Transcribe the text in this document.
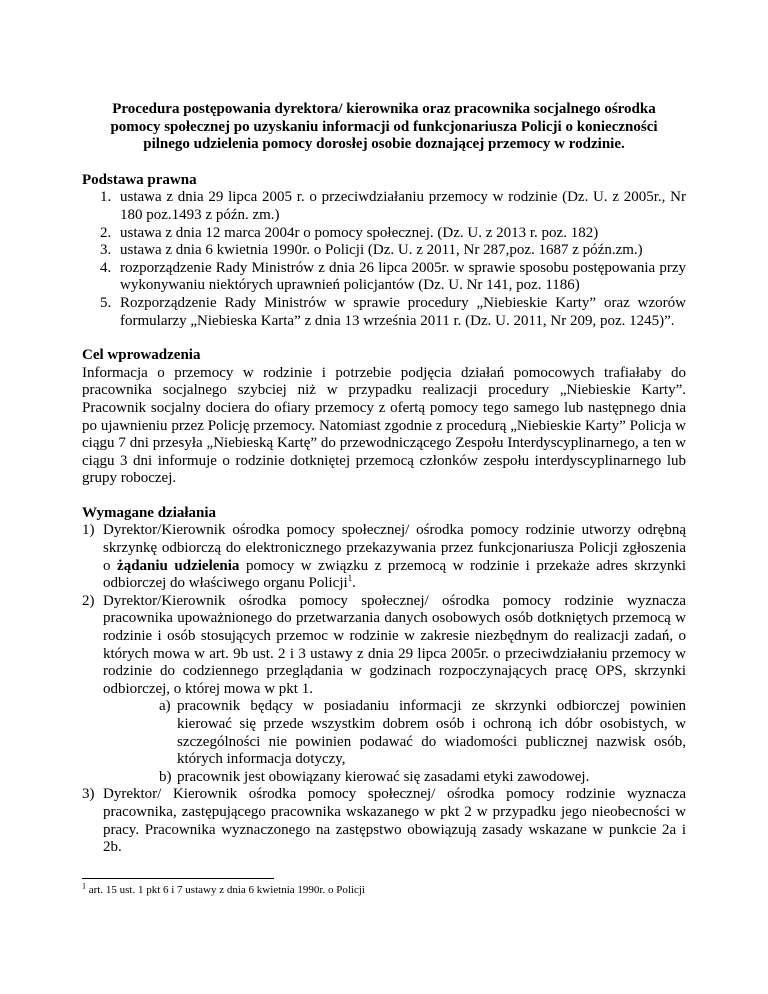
Procedura postępowania dyrektora/ kierownika oraz pracownika socjalnego ośrodka
pomocy społecznej po uzyskaniu informacji od funkcjonariusza Policji o konieczności
pilnego udzielenia pomocy dorosłej osobie doznającej przemocy w rodzinie.
Podstawa prawna
1. ustawa z dnia 29 lipca 2005 r. o przeciwdziałaniu przemocy w rodzinie (Dz. U. z 2005r., Nr 180 poz.1493 z późn. zm.)
2. ustawa z dnia 12 marca 2004r o pomocy społecznej. (Dz. U. z 2013 r. poz. 182)
3. ustawa z dnia 6 kwietnia 1990r. o Policji (Dz. U. z 2011, Nr 287,poz. 1687 z późn.zm.)
4. rozporządzenie Rady Ministrów z dnia 26 lipca 2005r. w sprawie sposobu postępowania przy wykonywaniu niektórych uprawnień policjantów (Dz. U. Nr 141, poz. 1186)
5. Rozporządzenie Rady Ministrów w sprawie procedury „Niebieskie Karty” oraz wzorów formularzy „Niebieska Karta” z dnia 13 września 2011 r. (Dz. U. 2011, Nr 209, poz. 1245)”.
Cel wprowadzenia

Informacja o przemocy w rodzinie i potrzebie podjęcia działań pomocowych trafiałaby do pracownika socjalnego szybciej niż w przypadku realizacji procedury „Niebieskie Karty”. Pracownik socjalny dociera do ofiary przemocy z ofertą pomocy tego samego lub następnego dnia po ujawnieniu przez Policję przemocy. Natomiast zgodnie z procedurą „Niebieskie Karty” Policja w ciągu 7 dni przesyła „Niebieską Kartę” do przewodniczącego Zespołu Interdyscyplinarnego, a ten w ciągu 3 dni informuje o rodzinie dotkniętej przemocą członków zespołu interdyscyplinarnego lub grupy roboczej.

Wymagane działania
1) Dyrektor/Kierownik ośrodka pomocy społecznej/ ośrodka pomocy rodzinie utworzy odrębną skrzynkę odbiorczą do elektronicznego przekazywania przez funkcjonariusza Policji zgłoszenia o żądaniu udzielenia pomocy w związku z przemocą w rodzinie i przekaże adres skrzynki odbiorczej do właściwego organu Policji$^1$.
2) Dyrektor/Kierownik ośrodka pomocy społecznej/ ośrodka pomocy rodzinie wyznacza pracownika upoważnionego do przetwarzania danych osobowych osób dotkniętych przemocą w rodzinie i osób stosujących przemoc w rodzinie w zakresie niezbędnym do realizacji zadań, o których mowa w art. 9b ust. 2 i 3 ustawy z dnia 29 lipca 2005r. o przeciwdziałaniu przemocy w rodzinie do codziennego przeglądania w godzinach rozpoczynających pracę OPS, skrzynki odbiorczej, o której mowa w pkt 1.
a) pracownik będący w posiadaniu informacji ze skrzynki odbiorczej powinien kierować się przede wszystkim dobrem osób i ochroną ich dóbr osobistych, w szczególności nie powinien podawać do wiadomości publicznej nazwisk osób, których informacja dotyczy,
b) pracownik jest obowiązany kierować się zasadami etyki zawodowej.
3) Dyrektor/ Kierownik ośrodka pomocy społecznej/ ośrodka pomocy rodzinie wyznacza pracownika, zastępującego pracownika wskazanego w pkt 2 w przypadku jego nieobecności w pracy. Pracownika wyznaczonego na zastępstwo obowiązują zasady wskazane w punkcie 2a i 2b.
$^1$ art. 15 ust. 1 pkt 6 i 7 ustawy z dnia 6 kwietnia 1990r. o Policji
